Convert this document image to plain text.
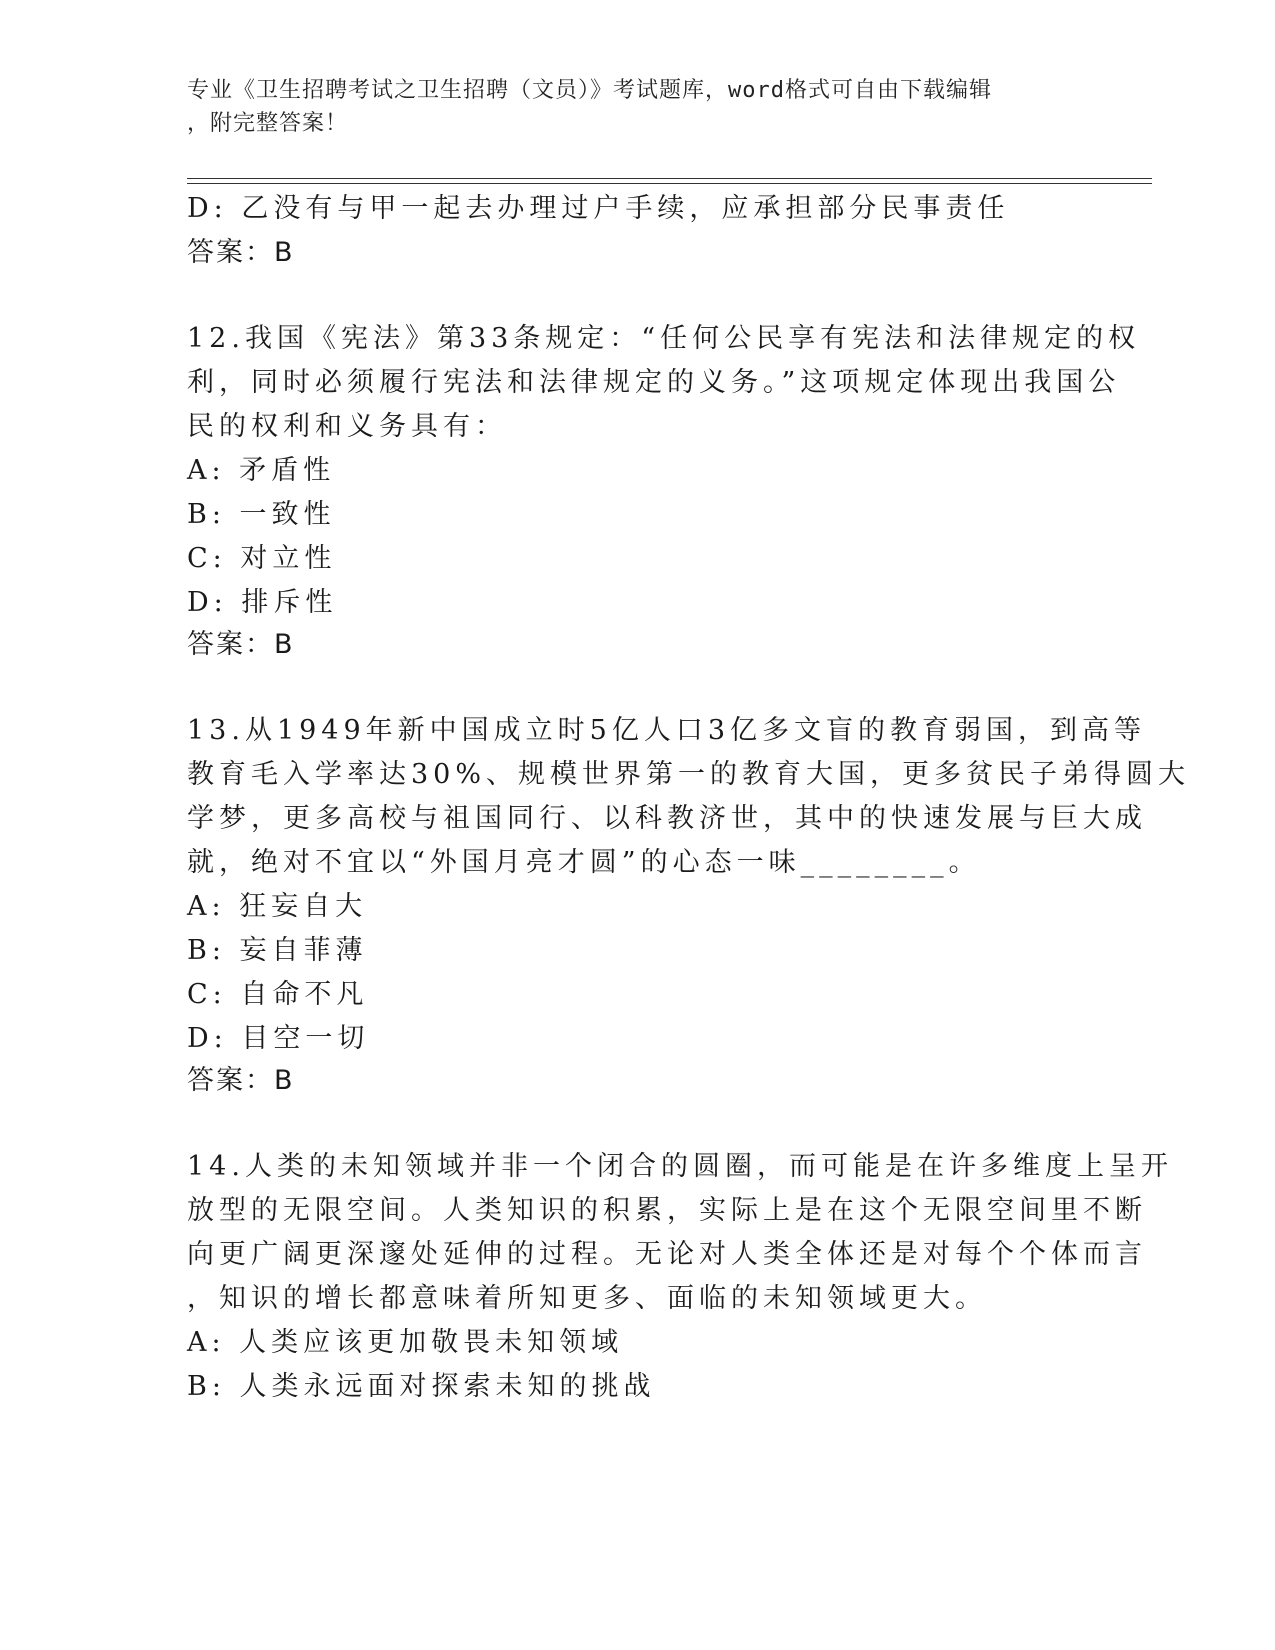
专业《卫生招聘考试之卫生招聘（文员）》考试题库，word格式可自由下载编辑
，附完整答案！
D: 乙没有与甲一起去办理过户手续，应承担部分民事责任
答案：B
12.我国《宪法》第33条规定：“任何公民享有宪法和法律规定的权
利，同时必须履行宪法和法律规定的义务。”这项规定体现出我国公
民的权利和义务具有：
A: 矛盾性
B: 一致性
C: 对立性
D: 排斥性
答案：B
13.从1949年新中国成立时5亿人口3亿多文盲的教育弱国，到高等
教育毛入学率达30%、规模世界第一的教育大国，更多贫民子弟得圆大
学梦，更多高校与祖国同行、以科教济世，其中的快速发展与巨大成
就，绝对不宜以“外国月亮才圆”的心态一味________。
A: 狂妄自大
B: 妄自菲薄
C: 自命不凡
D: 目空一切
答案：B
14.人类的未知领域并非一个闭合的圆圈，而可能是在许多维度上呈开
放型的无限空间。人类知识的积累，实际上是在这个无限空间里不断
向更广阔更深邃处延伸的过程。无论对人类全体还是对每个个体而言
，知识的增长都意味着所知更多、面临的未知领域更大。
A: 人类应该更加敬畏未知领域
B: 人类永远面对探索未知的挑战
